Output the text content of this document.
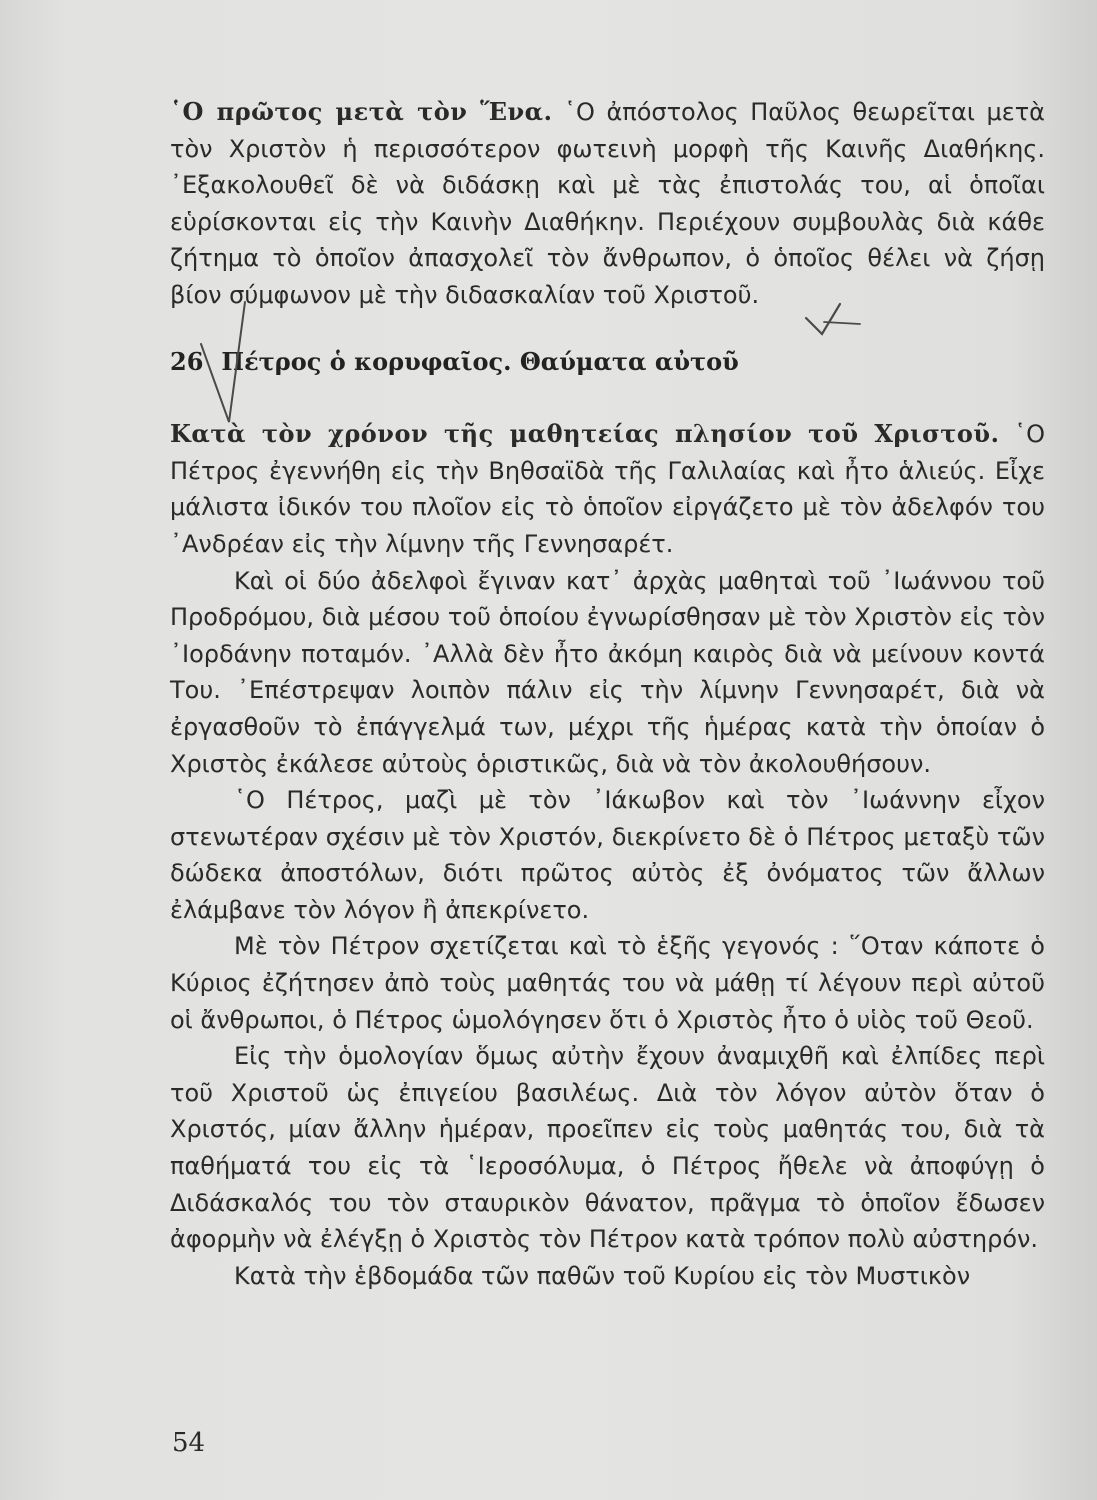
῾Ο πρῶτος μετὰ τὸν Ἕνα. ῾Ο ἀπόστολος Παῦλος θεωρεῖται μετὰ τὸν Χριστὸν ἡ περισσότερον φωτεινὴ μορφὴ τῆς Καινῆς Διαθήκης. ᾿Εξακολουθεῖ δὲ νὰ διδάσκῃ καὶ μὲ τὰς ἐπιστολάς του, αἱ ὁποῖαι εὑρίσκονται εἰς τὴν Καινὴν Διαθήκην. Περιέχουν συμβουλὰς διὰ κάθε ζήτημα τὸ ὁποῖον ἀπασχολεῖ τὸν ἄνθρωπον, ὁ ὁποῖος θέλει νὰ ζήσῃ βίον σύμφωνον μὲ τὴν διδασκαλίαν τοῦ Χριστοῦ.

26 Πέτρος ὁ κορυφαῖος. Θαύματα αὐτοῦ

Κατὰ τὸν χρόνον τῆς μαθητείας πλησίον τοῦ Χριστοῦ. ῾Ο Πέτρος ἐγεννήθη εἰς τὴν Βηθσαϊδὰ τῆς Γαλιλαίας καὶ ἦτο ἁλιεύς. Εἶχε μάλιστα ἰδικόν του πλοῖον εἰς τὸ ὁποῖον εἰργάζετο μὲ τὸν ἀδελφόν του ᾿Ανδρέαν εἰς τὴν λίμνην τῆς Γεννησαρέτ.

Καὶ οἱ δύο ἀδελφοὶ ἔγιναν κατ᾿ ἀρχὰς μαθηταὶ τοῦ ᾿Ιωάννου τοῦ Προδρόμου, διὰ μέσου τοῦ ὁποίου ἐγνωρίσθησαν μὲ τὸν Χριστὸν εἰς τὸν ᾿Ιορδάνην ποταμόν. ᾿Αλλὰ δὲν ἦτο ἀκόμη καιρὸς διὰ νὰ μείνουν κοντά Του. ᾿Επέστρεψαν λοιπὸν πάλιν εἰς τὴν λίμνην Γεννησαρέτ, διὰ νὰ ἐργασθοῦν τὸ ἐπάγγελμά των, μέχρι τῆς ἡμέρας κατὰ τὴν ὁποίαν ὁ Χριστὸς ἐκάλεσε αὐτοὺς ὁριστικῶς, διὰ νὰ τὸν ἀκολουθήσουν.

῾Ο Πέτρος, μαζὶ μὲ τὸν ᾿Ιάκωβον καὶ τὸν ᾿Ιωάννην εἶχον στενωτέραν σχέσιν μὲ τὸν Χριστόν, διεκρίνετο δὲ ὁ Πέτρος μεταξὺ τῶν δώδεκα ἀποστόλων, διότι πρῶτος αὐτὸς ἐξ ὀνόματος τῶν ἄλλων ἐλάμβανε τὸν λόγον ἢ ἀπεκρίνετο.

Μὲ τὸν Πέτρον σχετίζεται καὶ τὸ ἑξῆς γεγονός : ῞Οταν κάποτε ὁ Κύριος ἐζήτησεν ἀπὸ τοὺς μαθητάς του νὰ μάθῃ τί λέγουν περὶ αὐτοῦ οἱ ἄνθρωποι, ὁ Πέτρος ὡμολόγησεν ὅτι ὁ Χριστὸς ἦτο ὁ υἱὸς τοῦ Θεοῦ.

Εἰς τὴν ὁμολογίαν ὅμως αὐτὴν ἔχουν ἀναμιχθῆ καὶ ἐλπίδες περὶ τοῦ Χριστοῦ ὡς ἐπιγείου βασιλέως. Διὰ τὸν λόγον αὐτὸν ὅταν ὁ Χριστός, μίαν ἄλλην ἡμέραν, προεῖπεν εἰς τοὺς μαθητάς του, διὰ τὰ παθήματά του εἰς τὰ ῾Ιεροσόλυμα, ὁ Πέτρος ἤθελε νὰ ἀποφύγῃ ὁ Διδάσκαλός του τὸν σταυρικὸν θάνατον, πρᾶγμα τὸ ὁποῖον ἔδωσεν ἀφορμὴν νὰ ἐλέγξῃ ὁ Χριστὸς τὸν Πέτρον κατὰ τρόπον πολὺ αὐστηρόν.

Κατὰ τὴν ἑβδομάδα τῶν παθῶν τοῦ Κυρίου εἰς τὸν Μυστικὸν

54
